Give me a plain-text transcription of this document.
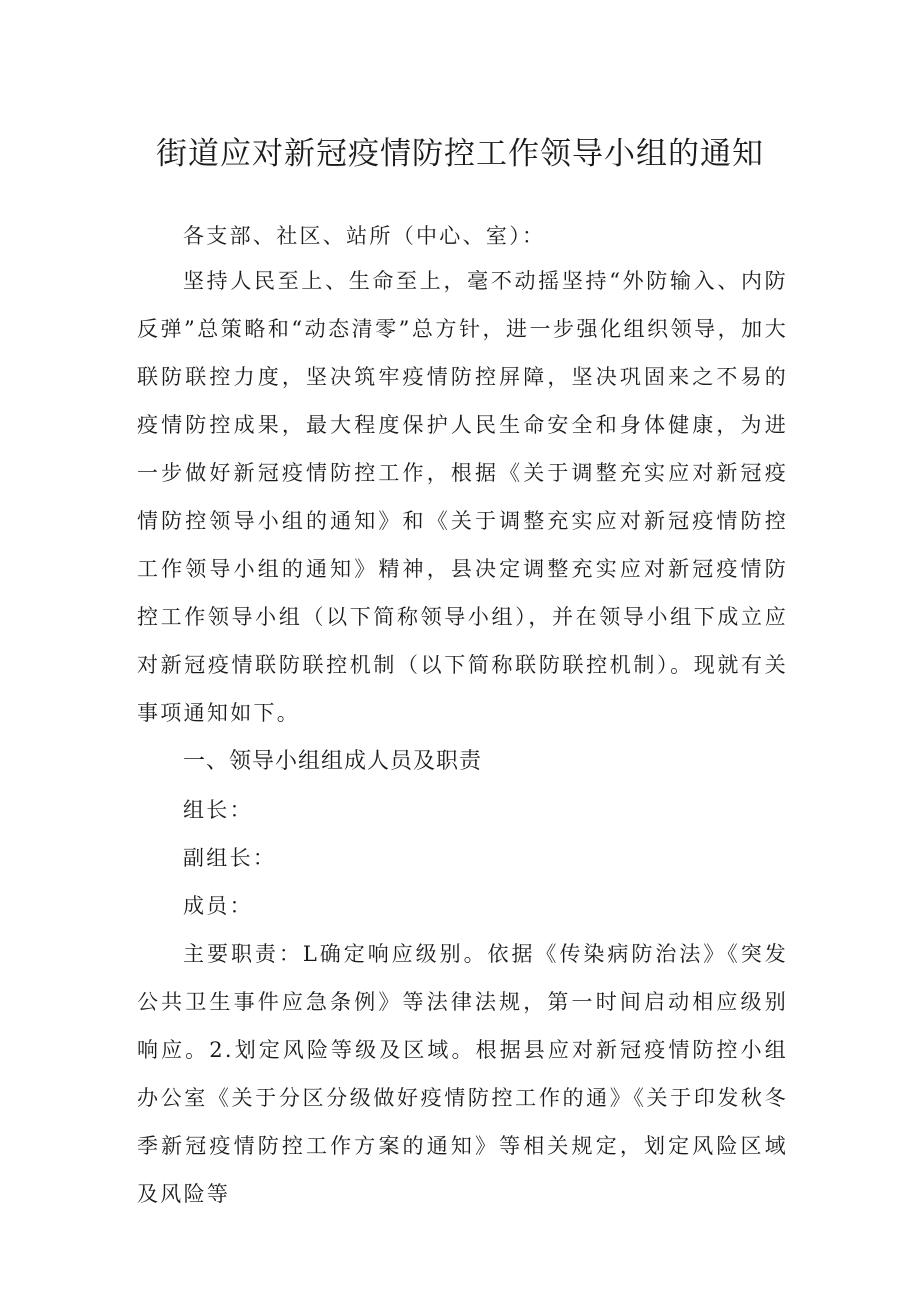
街道应对新冠疫情防控工作领导小组的通知
各支部、社区、站所（中心、室）：
坚持人民至上、生命至上，毫不动摇坚持“外防输入、内防反弹”总策略和“动态清零”总方针，进一步强化组织领导，加大联防联控力度，坚决筑牢疫情防控屏障，坚决巩固来之不易的疫情防控成果，最大程度保护人民生命安全和身体健康，为进一步做好新冠疫情防控工作，根据《关于调整充实应对新冠疫情防控领导小组的通知》和《关于调整充实应对新冠疫情防控工作领导小组的通知》精神，县决定调整充实应对新冠疫情防控工作领导小组（以下简称领导小组），并在领导小组下成立应对新冠疫情联防联控机制（以下简称联防联控机制）。现就有关事项通知如下。
一、领导小组组成人员及职责
组长：
副组长：
成员：
主要职责：L确定响应级别。依据《传染病防治法》《突发公共卫生事件应急条例》等法律法规，第一时间启动相应级别响应。2.划定风险等级及区域。根据县应对新冠疫情防控小组办公室《关于分区分级做好疫情防控工作的通》《关于印发秋冬季新冠疫情防控工作方案的通知》等相关规定，划定风险区域及风险等
